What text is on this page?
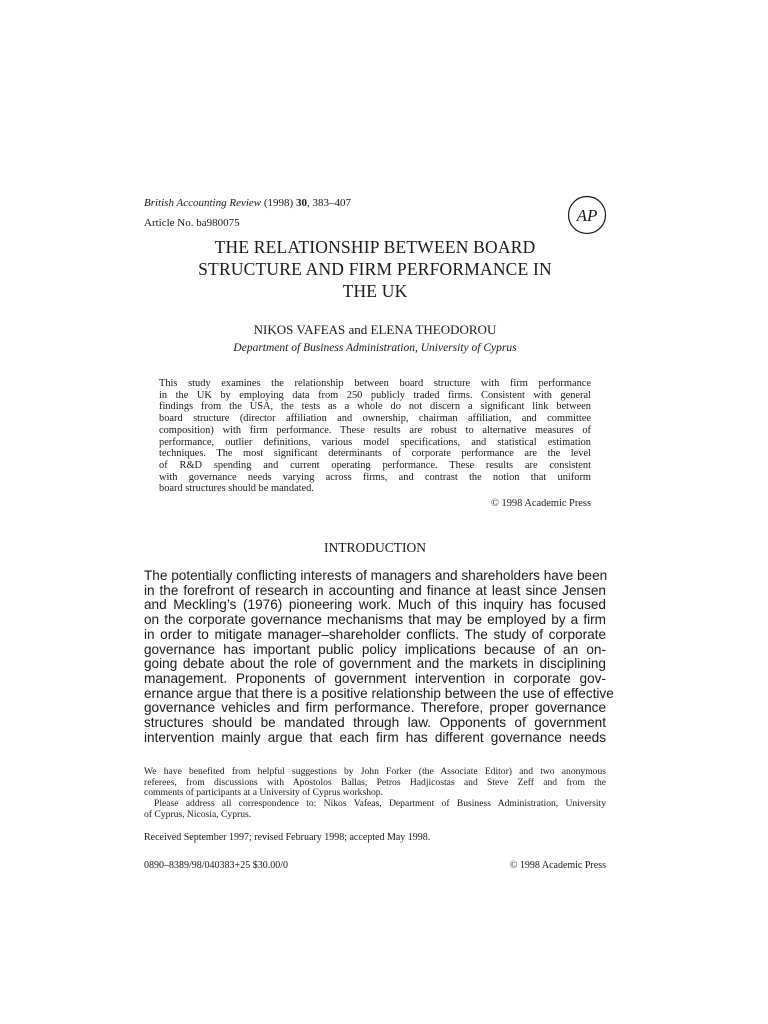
British Accounting Review (1998) 30, 383–407
Article No. ba980075	AP
THE RELATIONSHIP BETWEEN BOARD
STRUCTURE AND FIRM PERFORMANCE IN
THE UK
NIKOS VAFEAS and ELENA THEODOROU
Department of Business Administration, University of Cyprus
This study examines the relationship between board structure with firm performance
in the UK by employing data from 250 publicly traded firms. Consistent with general
findings from the USA, the tests as a whole do not discern a significant link between
board structure (director affiliation and ownership, chairman affiliation, and committee
composition) with firm performance. These results are robust to alternative measures of
performance, outlier definitions, various model specifications, and statistical estimation
techniques. The most significant determinants of corporate performance are the level
of R&D spending and current operating performance. These results are consistent
with governance needs varying across firms, and contrast the notion that uniform
board structures should be mandated.
© 1998 Academic Press
INTRODUCTION
The potentially conflicting interests of managers and shareholders have been
in the forefront of research in accounting and finance at least since Jensen
and Meckling’s (1976) pioneering work. Much of this inquiry has focused
on the corporate governance mechanisms that may be employed by a firm
in order to mitigate manager–shareholder conflicts. The study of corporate
governance has important public policy implications because of an on-
going debate about the role of government and the markets in disciplining
management. Proponents of government intervention in corporate gov-
ernance argue that there is a positive relationship between the use of effective
governance vehicles and firm performance. Therefore, proper governance
structures should be mandated through law. Opponents of government
intervention mainly argue that each firm has different governance needs
We have benefited from helpful suggestions by John Forker (the Associate Editor) and two anonymous
referees, from discussions with Apostolos Ballas, Petros Hadjicostas and Steve Zeff and from the
comments of participants at a University of Cyprus workshop.
Please address all correspondence to: Nikos Vafeas, Department of Business Administration, University
of Cyprus, Nicosia, Cyprus.
Received September 1997; revised February 1998; accepted May 1998.
0890–8389/98/040383+25 $30.00/0	© 1998 Academic Press
